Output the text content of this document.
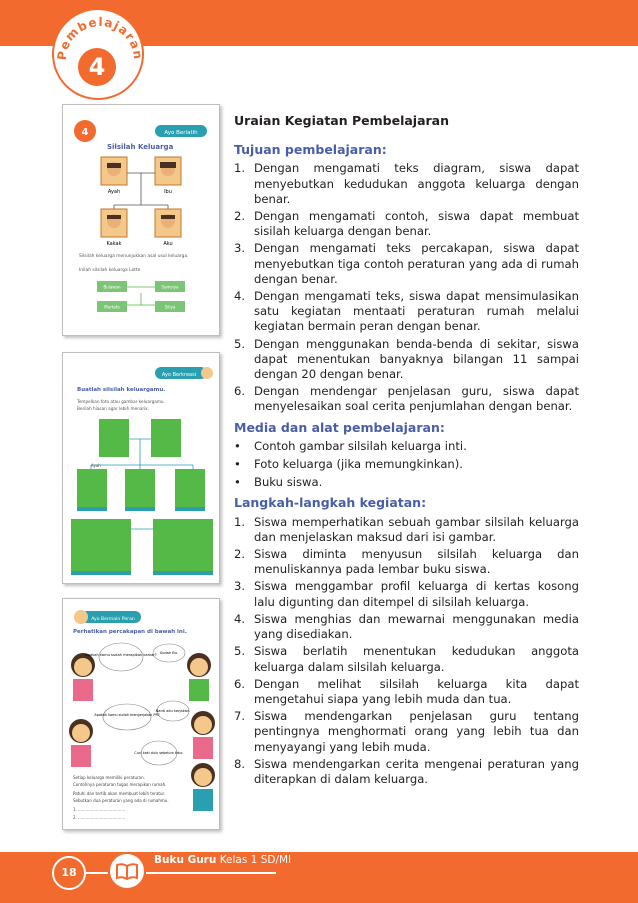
Pembelajaran
4
4	Ayo Berlatih
Silsilah Keluarga
Ayah	Ibu
Kakak	Aku
Silsilah keluarga menunjukkan asal usul keluarga.
Inilah silsilah keluarga Lotte
Bulawan	Samsiya
Murtafa	Siliya
Ayo Berkreasi
Buatlah silsilah keluargamu.
Tempelkan foto atau gambar keluargamu.
Berilah hiasan agar lebih menarik.
Ayah
Ayo Bermain Peran
Perhatikan percakapan di bawah ini.
Apakah kamu sudah merapikan kamar? Sudah Bu.
Apakah kamu sudah mengerjakan PR?
Nanti aku kerjakan.
Cuci kaki dulu sebelum tidur.
Setiap keluarga memiliki peraturan.
Contohnya peraturan tugas merapikan rumah.
Patuhi dan tertib akan membuat lebih teratur.
Sebutkan dua peraturan yang ada di rumahmu.
1. .....................................
2. .....................................
Uraian Kegiatan Pembelajaran
Tujuan pembelajaran:
1. Dengan mengamati teks diagram, siswa dapat menyebutkan kedudukan anggota keluarga dengan benar.
2. Dengan mengamati contoh, siswa dapat membuat sisilah keluarga dengan benar.
3. Dengan mengamati teks percakapan, siswa dapat menyebutkan tiga contoh peraturan yang ada di rumah dengan benar.
4. Dengan mengamati teks, siswa dapat mensimulasikan satu kegiatan mentaati peraturan rumah melalui kegiatan bermain peran dengan benar.
5. Dengan menggunakan benda-benda di sekitar, siswa dapat menentukan banyaknya bilangan 11 sampai dengan 20 dengan benar.
6. Dengan mendengar penjelasan guru, siswa dapat menyelesaikan soal cerita penjumlahan dengan benar.
Media dan alat pembelajaran:
•	Contoh gambar silsilah keluarga inti.
•	Foto keluarga (jika memungkinkan).
•	Buku siswa.
Langkah-langkah kegiatan:
1. Siswa memperhatikan sebuah gambar silsilah keluarga dan menjelaskan maksud dari isi gambar.
2. Siswa diminta menyusun silsilah keluarga dan menuliskannya pada lembar buku siswa.
3. Siswa menggambar profil keluarga di kertas kosong lalu digunting dan ditempel di silsilah keluarga.
4. Siswa menghias dan mewarnai menggunakan media yang disediakan.
5. Siswa berlatih menentukan kedudukan anggota keluarga dalam silsilah keluarga.
6. Dengan melihat silsilah keluarga kita dapat mengetahui siapa yang lebih muda dan tua.
7. Siswa mendengarkan penjelasan guru tentang pentingnya menghormati orang yang lebih tua dan menyayangi yang lebih muda.
8. Siswa mendengarkan cerita mengenai peraturan yang diterapkan di dalam keluarga.
18
Buku Guru Kelas 1 SD/MI
